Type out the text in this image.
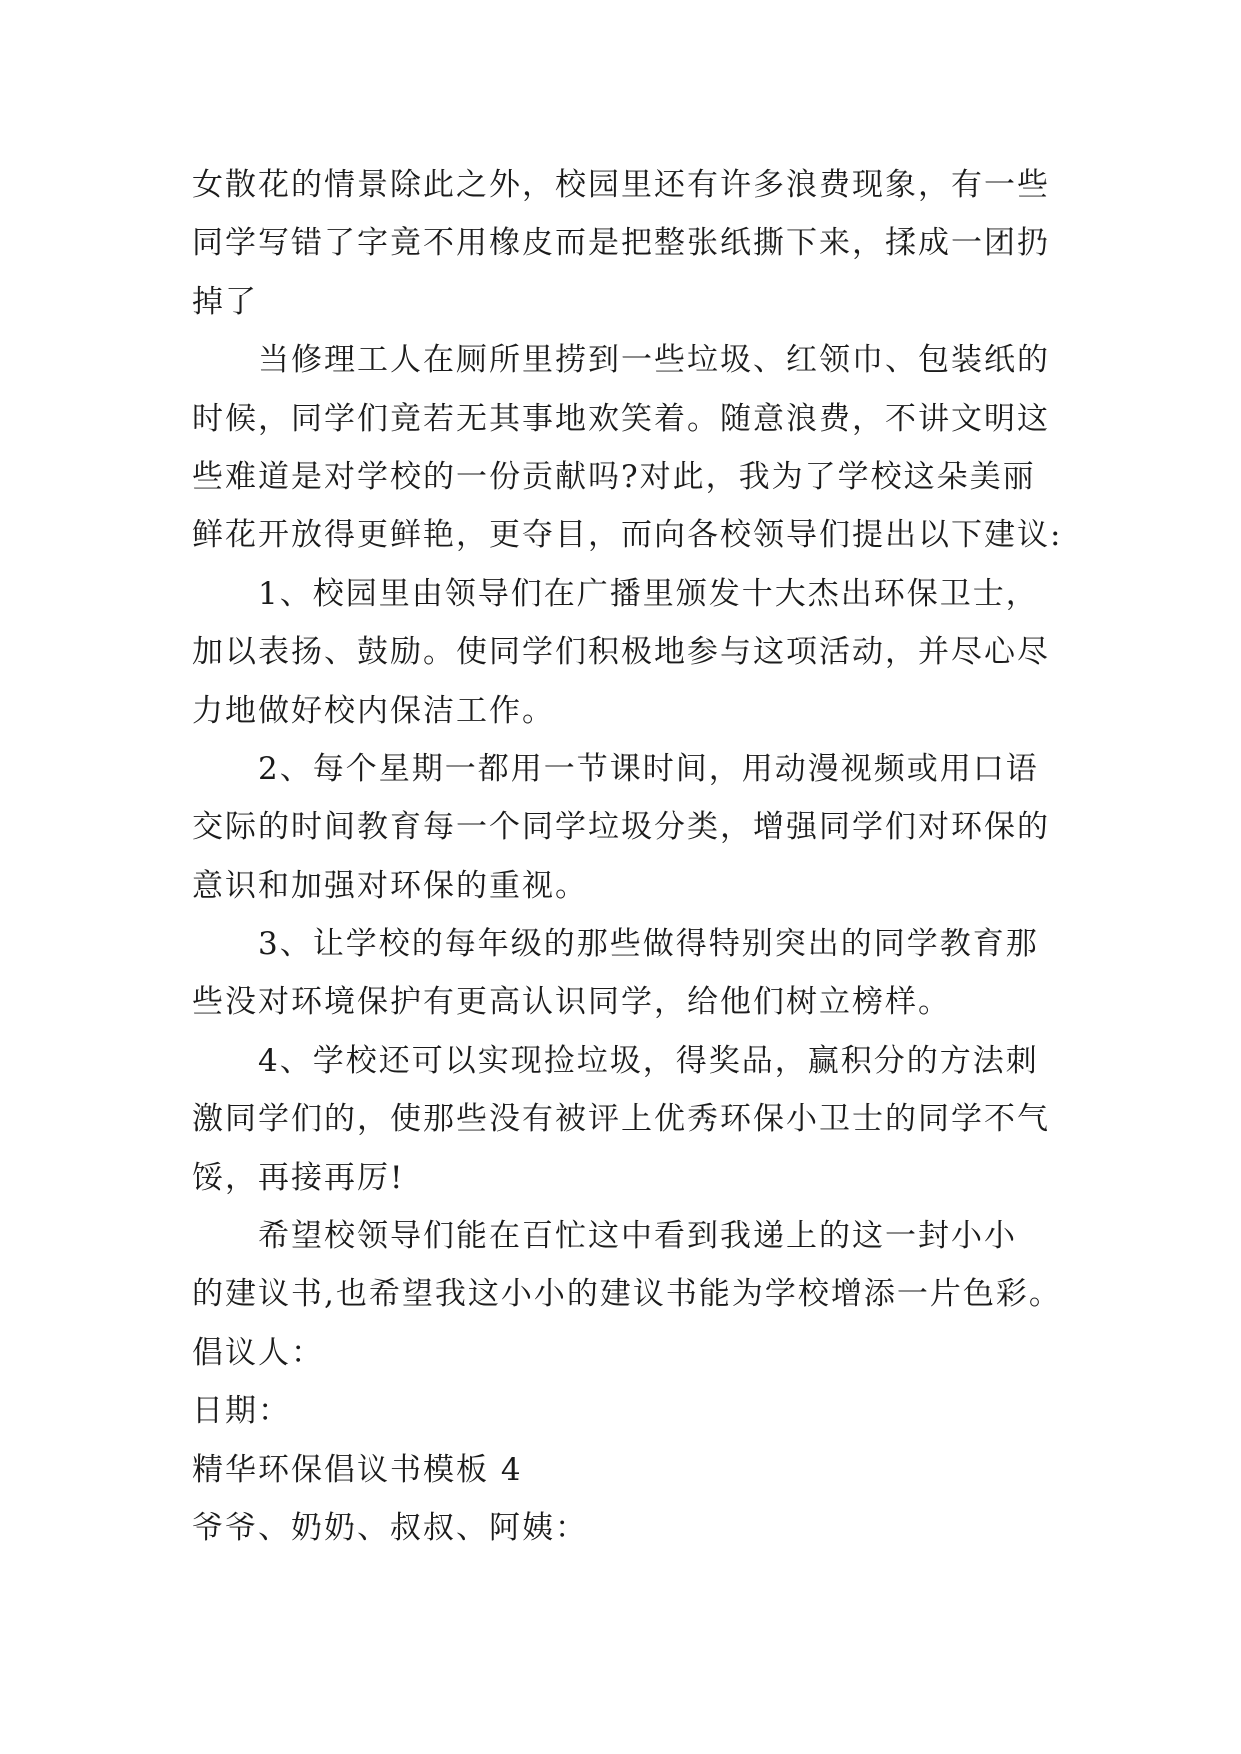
女散花的情景除此之外，校园里还有许多浪费现象，有一些
同学写错了字竟不用橡皮而是把整张纸撕下来，揉成一团扔
掉了
当修理工人在厕所里捞到一些垃圾、红领巾、包装纸的
时候，同学们竟若无其事地欢笑着。随意浪费，不讲文明这
些难道是对学校的一份贡献吗?对此，我为了学校这朵美丽
鲜花开放得更鲜艳，更夺目，而向各校领导们提出以下建议:
1、校园里由领导们在广播里颁发十大杰出环保卫士，
加以表扬、鼓励。使同学们积极地参与这项活动，并尽心尽
力地做好校内保洁工作。
2、每个星期一都用一节课时间，用动漫视频或用口语
交际的时间教育每一个同学垃圾分类，增强同学们对环保的
意识和加强对环保的重视。
3、让学校的每年级的那些做得特别突出的同学教育那
些没对环境保护有更高认识同学，给他们树立榜样。
4、学校还可以实现捡垃圾，得奖品，赢积分的方法刺
激同学们的，使那些没有被评上优秀环保小卫士的同学不气
馁，再接再厉!
希望校领导们能在百忙这中看到我递上的这一封小小
的建议书,也希望我这小小的建议书能为学校增添一片色彩。
倡议人：
日期：
精华环保倡议书模板 4
爷爷、奶奶、叔叔、阿姨：
